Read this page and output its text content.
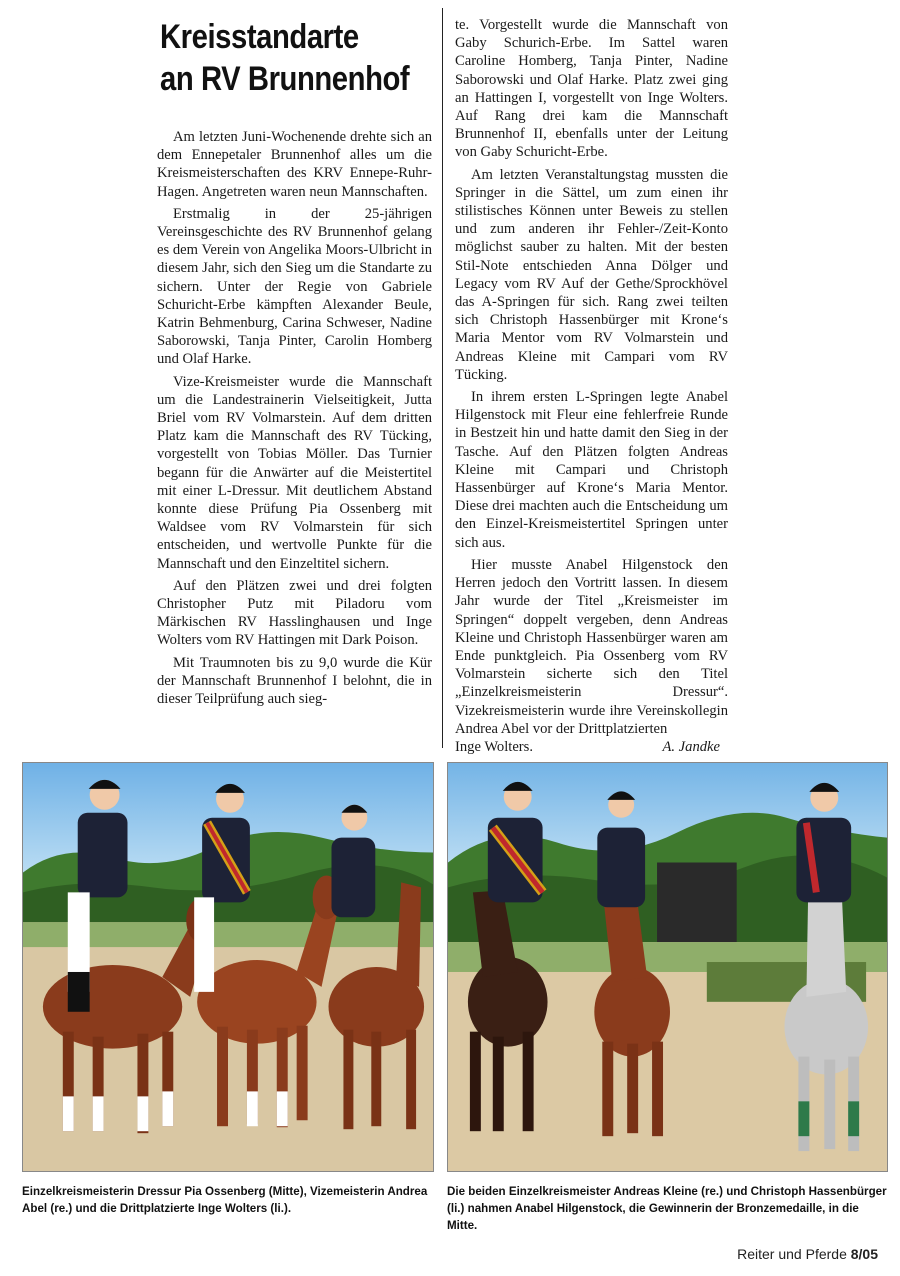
Kreisstandarte
an RV Brunnenhof

Am letzten Juni-Wochenende drehte sich an dem Ennepetaler Brunnenhof alles um die Kreismeisterschaften des KRV Ennepe-Ruhr-Hagen. Angetreten waren neun Mannschaften.

Erstmalig in der 25-jährigen Vereinsgeschichte des RV Brunnenhof gelang es dem Verein von Angelika Moors-Ulbricht in diesem Jahr, sich den Sieg um die Standarte zu sichern. Unter der Regie von Gabriele Schuricht-Erbe kämpften Alexander Beule, Katrin Behmenburg, Carina Schweser, Nadine Saborowski, Tanja Pinter, Carolin Homberg und Olaf Harke.

Vize-Kreismeister wurde die Mannschaft um die Landestrainerin Vielseitigkeit, Jutta Briel vom RV Volmarstein. Auf dem dritten Platz kam die Mannschaft des RV Tücking, vorgestellt von Tobias Möller. Das Turnier begann für die Anwärter auf die Meistertitel mit einer L-Dressur. Mit deutlichem Abstand konnte diese Prüfung Pia Ossenberg mit Waldsee vom RV Volmarstein für sich entscheiden, und wertvolle Punkte für die Mannschaft und den Einzeltitel sichern.

Auf den Plätzen zwei und drei folgten Christopher Putz mit Piladoru vom Märkischen RV Hasslinghausen und Inge Wolters vom RV Hattingen mit Dark Poison.

Mit Traumnoten bis zu 9,0 wurde die Kür der Mannschaft Brunnenhof I belohnt, die in dieser Teilprüfung auch sieg-

te. Vorgestellt wurde die Mannschaft von Gaby Schurich-Erbe. Im Sattel waren Caroline Homberg, Tanja Pinter, Nadine Saborowski und Olaf Harke. Platz zwei ging an Hattingen I, vorgestellt von Inge Wolters. Auf Rang drei kam die Mannschaft Brunnenhof II, ebenfalls unter der Leitung von Gaby Schuricht-Erbe.

Am letzten Veranstaltungstag mussten die Springer in die Sättel, um zum einen ihr stilistisches Können unter Beweis zu stellen und zum anderen ihr Fehler-/Zeit-Konto möglichst sauber zu halten. Mit der besten Stil-Note entschieden Anna Dölger und Legacy vom RV Auf der Gethe/Sprockhövel das A-Springen für sich. Rang zwei teilten sich Christoph Hassenbürger mit Krone‘s Maria Mentor vom RV Volmarstein und Andreas Kleine mit Campari vom RV Tücking.

In ihrem ersten L-Springen legte Anabel Hilgenstock mit Fleur eine fehlerfreie Runde in Bestzeit hin und hatte damit den Sieg in der Tasche. Auf den Plätzen folgten Andreas Kleine mit Campari und Christoph Hassenbürger auf Krone‘s Maria Mentor. Diese drei machten auch die Entscheidung um den Einzel-Kreismeistertitel Springen unter sich aus.

Hier musste Anabel Hilgenstock den Herren jedoch den Vortritt lassen. In diesem Jahr wurde der Titel „Kreismeister im Springen“ doppelt vergeben, denn Andreas Kleine und Christoph Hassenbürger waren am Ende punktgleich. Pia Ossenberg vom RV Volmarstein sicherte sich den Titel „Einzelkreismeisterin Dressur“. Vizekreismeisterin wurde ihre Vereinskollegin Andrea Abel vor der Drittplatzierten

Inge Wolters.	A. Jandke

Einzelkreismeisterin Dressur Pia Ossenberg (Mitte), Vizemeisterin Andrea Abel (re.) und die Drittplatzierte Inge Wolters (li.).

Die beiden Einzelkreismeister Andreas Kleine (re.) und Christoph Hassenbürger (li.) nahmen Anabel Hilgenstock, die Gewinnerin der Bronzemedaille, in die Mitte.

Reiter und Pferde 8/05
